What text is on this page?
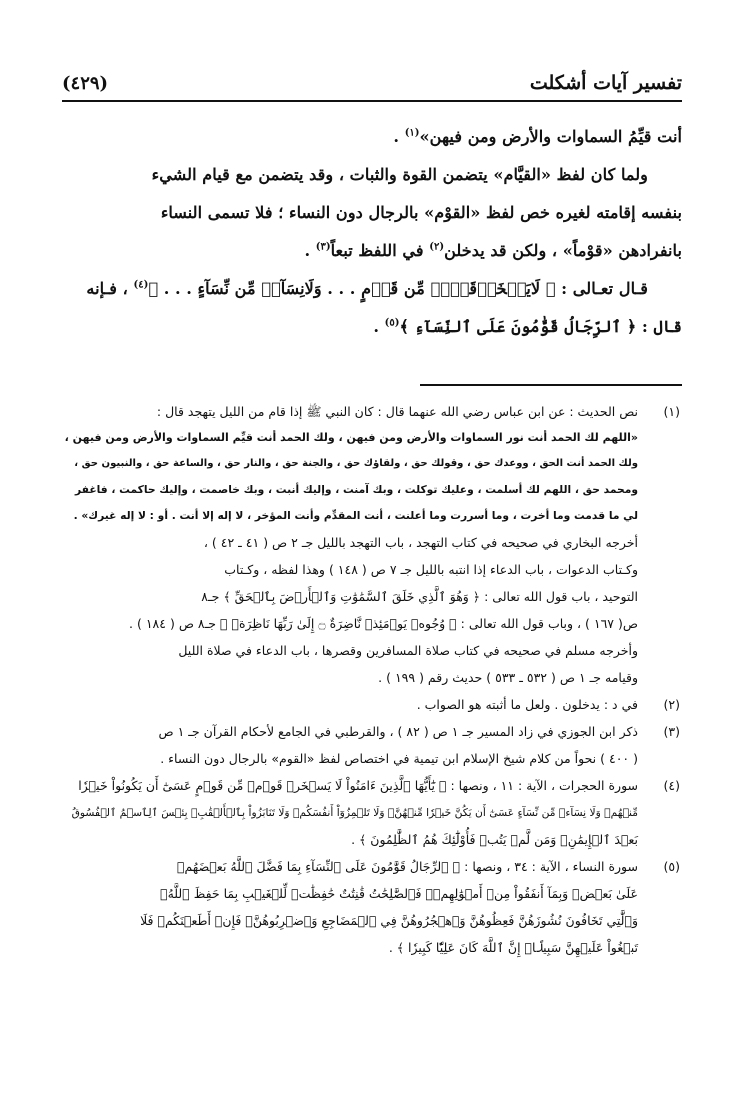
تفسير آيات أشكلت
(٤٢٩)

أنت قيِّمُ السماوات والأرض ومن فيهن»$^{(١)}$ .

ولما كان لفظ «القيَّام» يتضمن القوة والثبات ، وقد يتضمن مع قيام الشيء

بنفسه إقامته لغيره خص لفظ «القوْم» بالرجال دون النساء ؛ فلا تسمى النساء

بانفرادهن «قوْماً» ، ولكن قد يدخلن$^{(٢)}$ في اللفظ تبعاً$^{(٣)}$ .

قـال تعـالى : ﴿ لَايَسۡخَرۡقَوۡمٞ مِّن قَوۡمٍ . . . وَلَانِسَآءٞ مِّن نِّسَآءٍ . . . ﴾$^{(٤)}$ ، فـإنه

قال : ﴿ ٱلرِّجَالُ قَوَّٰمُونَ عَلَى ٱلنِّسَآءِ ﴾$^{(٥)}$ .

(١)
نص الحديث : عن ابن عباس رضي الله عنهما قال : كان النبي ﷺ إذا قام من الليل يتهجد قال :
«اللهم لك الحمد أنت نور السماوات والأرض ومن فيهن ، ولك الحمد أنت قيِّم السماوات والأرض ومن فيهن ،
ولك الحمد أنت الحق ، ووعدك حق ، وقولك حق ، ولقاؤك حق ، والجنة حق ، والنار حق ، والساعة حق ، والنبيون حق ،
ومحمد حق ، اللهم لك أسلمت ، وعليك توكلت ، وبك آمنت ، وإليك أنبت ، وبك خاصمت ، وإليك حاكمت ، فاغفر
لي ما قدمت وما أخرت ، وما أسررت وما أعلنت ، أنت المقدِّم وأنت المؤخر ، لا إله إلا أنت . أو : لا إله غيرك» .
أخرجه البخاري في صحيحه في كتاب التهجد ، باب التهجد بالليل جـ ٢ ص ( ٤١ ـ ٤٢ ) ،
وكـتاب الدعوات ، باب الدعاء إذا انتبه بالليل جـ ٧ ص ( ١٤٨ ) وهذا لفظه ، وكـتاب
التوحيد ، باب قول الله تعالى : ﴿ وَهُوَ ٱلَّذِي خَلَقَ ٱلسَّمَٰوَٰتِ وَٱلۡأَرۡضَ بِٱلۡحَقِّ ﴾ جـ٨
ص( ١٦٧ ) ، وباب قول الله تعالى : ﴿ وُجُوهٞ يَوۡمَئِذٖ نَّاضِرَةٌ ۝ إِلَىٰ رَبِّهَا نَاظِرَةٞ ﴾ جـ٨ ص ( ١٨٤ ) .
وأخرجه مسلم في صحيحه في كتاب صلاة المسافرين وقصرها ، باب الدعاء في صلاة الليل
وقيامه جـ ١ ص ( ٥٣٢ ـ ٥٣٣ ) حديث رقم ( ١٩٩ ) .
(٢)
في د : يدخلون . ولعل ما أثبته هو الصواب .
(٣)
ذكر ابن الجوزي في زاد المسير جـ ١ ص ( ٨٢ ) ، والقرطبي في الجامع لأحكام القرآن جـ ١ ص
( ٤٠٠ ) نحواً من كلام شيخ الإسلام ابن تيمية في اختصاص لفظ «القوم» بالرجال دون النساء .
(٤)
سورة الحجرات ، الآية : ١١ ، ونصها : ﴿ يَٰٓأَيُّهَا ٱلَّذِينَ ءَامَنُواْ لَا يَسۡخَرۡ قَوۡمٞ مِّن قَوۡمٍ عَسَىٰٓ أَن يَكُونُواْ خَيۡرٗا
مِّنۡهُمۡ وَلَا نِسَآءٞ مِّن نِّسَآءٍ عَسَىٰٓ أَن يَكُنَّ خَيۡرٗا مِّنۡهُنَّۖ وَلَا تَلۡمِزُوٓاْ أَنفُسَكُمۡ وَلَا تَنَابَزُواْ بِٱلۡأَلۡقَٰبِۖ بِئۡسَ ٱلِٱسۡمُ ٱلۡفُسُوقُ
بَعۡدَ ٱلۡإِيمَٰنِۚ وَمَن لَّمۡ يَتُبۡ فَأُوْلَٰٓئِكَ هُمُ ٱلظَّٰلِمُونَ ﴾ .
(٥)
سورة النساء ، الآية : ٣٤ ، ونصها : ﴿ ٱلرِّجَالُ قَوَّٰمُونَ عَلَى ٱلنِّسَآءِ بِمَا فَضَّلَ ٱللَّهُ بَعۡضَهُمۡ
عَلَىٰ بَعۡضٖ وَبِمَآ أَنفَقُواْ مِنۡ أَمۡوَٰلِهِمۡۚ فَٱلصَّٰلِحَٰتُ قَٰنِتَٰتٌ حَٰفِظَٰتٞ لِّلۡغَيۡبِ بِمَا حَفِظَ ٱللَّهُۚ
وَٱلَّٰتِي تَخَافُونَ نُشُوزَهُنَّ فَعِظُوهُنَّ وَٱهۡجُرُوهُنَّ فِي ٱلۡمَضَاجِعِ وَٱضۡرِبُوهُنَّۖ فَإِنۡ أَطَعۡنَكُمۡ فَلَا
تَبۡغُواْ عَلَيۡهِنَّ سَبِيلًاۗ إِنَّ ٱللَّهَ كَانَ عَلِيّٗا كَبِيرٗا ﴾ .
